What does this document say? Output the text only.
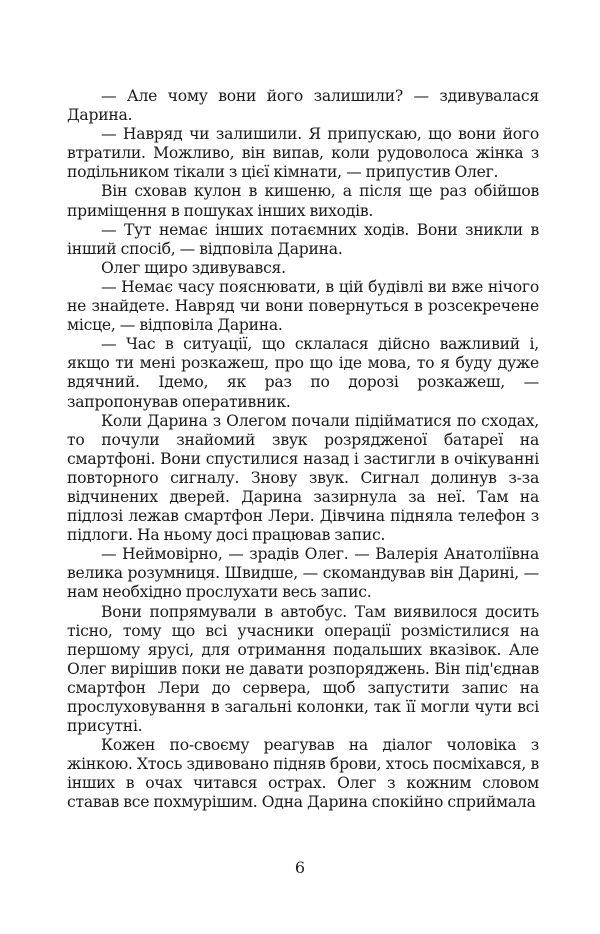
— Але чому вони його залишили? — здивувалася Дарина.

— Навряд чи залишили. Я припускаю, що вони його втратили. Можливо, він випав, коли рудоволоса жінка з подільником тікали з цієї кімнати, — припустив Олег.

Він сховав кулон в кишеню, а після ще раз обійшов приміщення в пошуках інших виходів.

— Тут немає інших потаємних ходів. Вони зникли в інший спосіб, — відповіла Дарина.

Олег щиро здивувався.

— Немає часу пояснювати, в цій будівлі ви вже нічого не знайдете. Навряд чи вони повернуться в розсекречене місце, — відповіла Дарина.

— Час в ситуації, що склалася дійсно важливий і, якщо ти мені розкажеш, про що іде мова, то я буду дуже вдячний. Ідемо, як раз по дорозі розкажеш, — запропонував оперативник.

Коли Дарина з Олегом почали підійматися по сходах, то почули знайомий звук розрядженої батареї на смартфоні. Вони спустилися назад і застигли в очікуванні повторного сигналу. Знову звук. Сигнал долинув з-за відчинених дверей. Дарина зазирнула за неї. Там на підлозі лежав смартфон Лери. Дівчина підняла телефон з підлоги. На ньому досі працював запис.

— Неймовірно, — зрадів Олег. — Валерія Анатоліївна велика розумниця. Швидше, — скомандував він Дарині, — нам необхідно прослухати весь запис.

Вони попрямували в автобус. Там виявилося досить тісно, тому що всі учасники операції розмістилися на першому ярусі, для отримання подальших вказівок. Але Олег вирішив поки не давати розпоряджень. Він під'єднав смартфон Лери до сервера, щоб запустити запис на прослуховування в загальні колонки, так її могли чути всі присутні.

Кожен по-своєму реагував на діалог чоловіка з жінкою. Хтось здивовано підняв брови, хтось посміхався, в інших в очах читався острах. Олег з кожним словом ставав все похмурішим. Одна Дарина спокійно сприймала

6
